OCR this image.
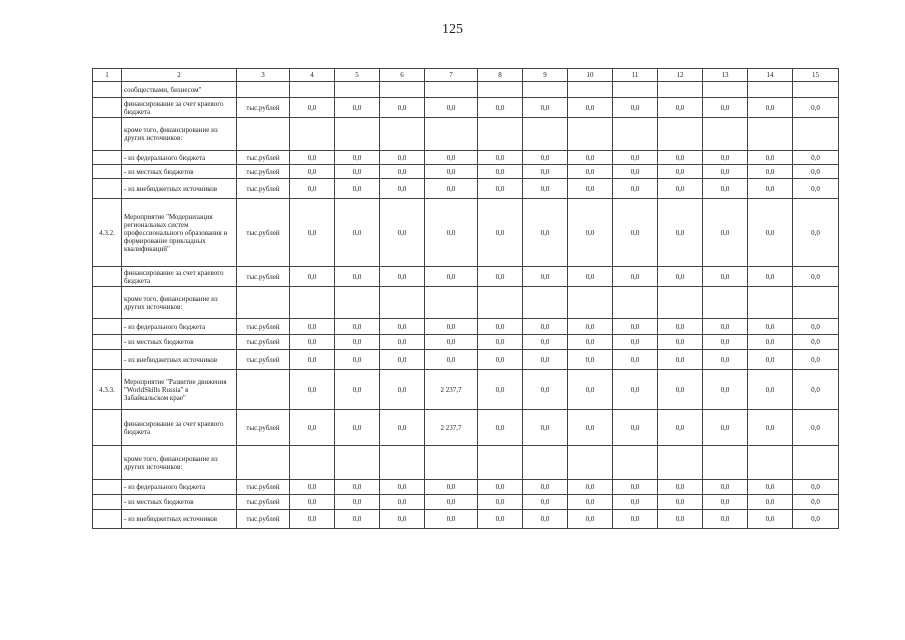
125
1	2	3	4	5	6	7	8	9	10	11	12	13	14	15
	сообществами, бизнесом"													
	финансирование за счет краевого бюджета	тыс.рублей	0,0	0,0	0,0	0,0	0,0	0,0	0,0	0,0	0,0	0,0	0,0	0,0
	кроме того, финансирование из других источников:													
	- из федерального бюджета	тыс.рублей	0,0	0,0	0,0	0,0	0,0	0,0	0,0	0,0	0,0	0,0	0,0	0,0
	- из местных бюджетов	тыс.рублей	0,0	0,0	0,0	0,0	0,0	0,0	0,0	0,0	0,0	0,0	0,0	0,0
	- из внебюджетных источников	тыс.рублей	0,0	0,0	0,0	0,0	0,0	0,0	0,0	0,0	0,0	0,0	0,0	0,0
4.3.2.	Мероприятие "Модернизация региональных систем профессионального образования и формирование прикладных квалификаций"	тыс.рублей	0,0	0,0	0,0	0,0	0,0	0,0	0,0	0,0	0,0	0,0	0,0	0,0
	финансирование за счет краевого бюджета	тыс.рублей	0,0	0,0	0,0	0,0	0,0	0,0	0,0	0,0	0,0	0,0	0,0	0,0
	кроме того, финансирование из других источников:													
	- из федерального бюджета	тыс.рублей	0,0	0,0	0,0	0,0	0,0	0,0	0,0	0,0	0,0	0,0	0,0	0,0
	- из местных бюджетов	тыс.рублей	0,0	0,0	0,0	0,0	0,0	0,0	0,0	0,0	0,0	0,0	0,0	0,0
	- из внебюджетных источников	тыс.рублей	0,0	0,0	0,0	0,0	0,0	0,0	0,0	0,0	0,0	0,0	0,0	0,0
4.3.3.	Мероприятие "Развитие движения "WorldSkills Russia" в Забайкальском крае"		0,0	0,0	0,0	2 237,7	0,0	0,0	0,0	0,0	0,0	0,0	0,0	0,0
	финансирование за счет краевого бюджета	тыс.рублей	0,0	0,0	0,0	2 237,7	0,0	0,0	0,0	0,0	0,0	0,0	0,0	0,0
	кроме того, финансирование из других источников:													
	- из федерального бюджета	тыс.рублей	0,0	0,0	0,0	0,0	0,0	0,0	0,0	0,0	0,0	0,0	0,0	0,0
	- из местных бюджетов	тыс.рублей	0,0	0,0	0,0	0,0	0,0	0,0	0,0	0,0	0,0	0,0	0,0	0,0
	- из внебюджетных источников	тыс.рублей	0,0	0,0	0,0	0,0	0,0	0,0	0,0	0,0	0,0	0,0	0,0	0,0
